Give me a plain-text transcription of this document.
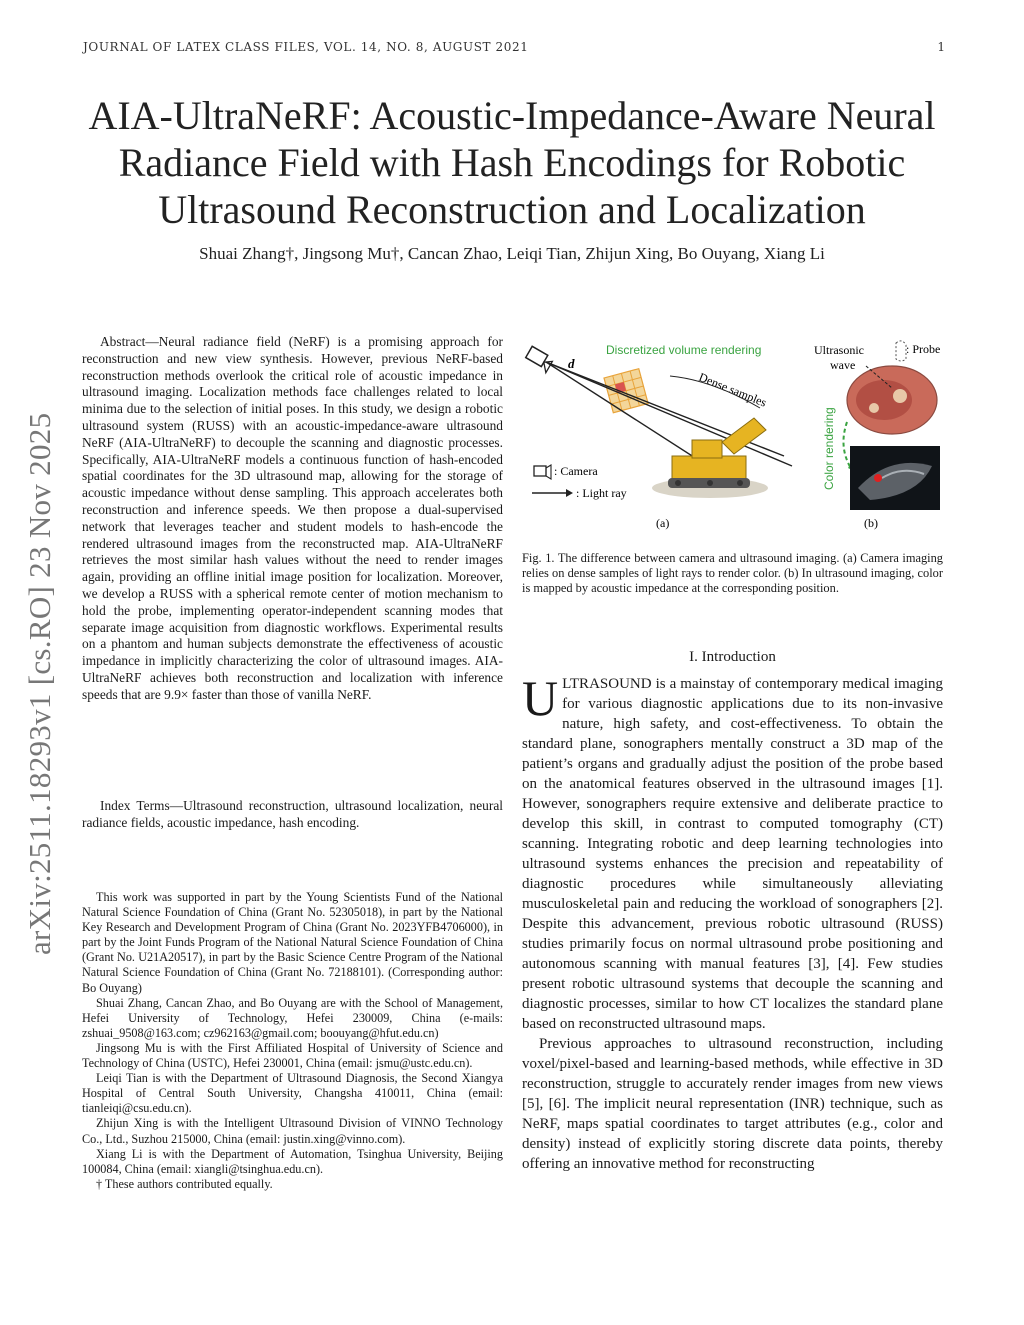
JOURNAL OF LATEX CLASS FILES, VOL. 14, NO. 8, AUGUST 2021	1
AIA-UltraNeRF: Acoustic-Impedance-Aware Neural Radiance Field with Hash Encodings for Robotic Ultrasound Reconstruction and Localization
Shuai Zhang†, Jingsong Mu†, Cancan Zhao, Leiqi Tian, Zhijun Xing, Bo Ouyang, Xiang Li
arXiv:2511.18293v1 [cs.RO] 23 Nov 2025
Abstract—Neural radiance field (NeRF) is a promising approach for reconstruction and new view synthesis. However, previous NeRF-based reconstruction methods overlook the critical role of acoustic impedance in ultrasound imaging. Localization methods face challenges related to local minima due to the selection of initial poses. In this study, we design a robotic ultrasound system (RUSS) with an acoustic-impedance-aware ultrasound NeRF (AIA-UltraNeRF) to decouple the scanning and diagnostic processes. Specifically, AIA-UltraNeRF models a continuous function of hash-encoded spatial coordinates for the 3D ultrasound map, allowing for the storage of acoustic impedance without dense sampling. This approach accelerates both reconstruction and inference speeds. We then propose a dual-supervised network that leverages teacher and student models to hash-encode the rendered ultrasound images from the reconstructed map. AIA-UltraNeRF retrieves the most similar hash values without the need to render images again, providing an offline initial image position for localization. Moreover, we develop a RUSS with a spherical remote center of motion mechanism to hold the probe, implementing operator-independent scanning modes that separate image acquisition from diagnostic workflows. Experimental results on a phantom and human subjects demonstrate the effectiveness of acoustic impedance in implicitly characterizing the color of ultrasound images. AIA-UltraNeRF achieves both reconstruction and localization with inference speeds that are 9.9× faster than those of vanilla NeRF.
Index Terms—Ultrasound reconstruction, ultrasound localization, neural radiance fields, acoustic impedance, hash encoding.

This work was supported in part by the Young Scientists Fund of the National Natural Science Foundation of China (Grant No. 52305018), in part by the National Key Research and Development Program of China (Grant No. 2023YFB4706000), in part by the Joint Funds Program of the National Natural Science Foundation of China (Grant No. U21A20517), in part by the Basic Science Centre Program of the National Natural Science Foundation of China (Grant No. 72188101). (Corresponding author: Bo Ouyang)

Shuai Zhang, Cancan Zhao, and Bo Ouyang are with the School of Management, Hefei University of Technology, Hefei 230009, China (e-mails: zshuai_9508@163.com; cz962163@gmail.com; boouyang@hfut.edu.cn)

Jingsong Mu is with the First Affiliated Hospital of University of Science and Technology of China (USTC), Hefei 230001, China (email: jsmu@ustc.edu.cn).

Leiqi Tian is with the Department of Ultrasound Diagnosis, the Second Xiangya Hospital of Central South University, Changsha 410011, China (email: tianleiqi@csu.edu.cn).

Zhijun Xing is with the Intelligent Ultrasound Division of VINNO Technology Co., Ltd., Suzhou 215000, China (email: justin.xing@vinno.com).

Xiang Li is with the Department of Automation, Tsinghua University, Beijing 100084, China (email: xiangli@tsinghua.edu.cn).

† These authors contributed equally.

d
Discretized volume rendering
Dense samples
: Camera
: Light ray
(a)
Ultrasonic
wave
: Probe
Color rendering
(b)
Fig. 1. The difference between camera and ultrasound imaging. (a) Camera imaging relies on dense samples of light rays to render color. (b) In ultrasound imaging, color is mapped by acoustic impedance at the corresponding position.
I. Introduction

ULTRASOUND is a mainstay of contemporary medical imaging for various diagnostic applications due to its non-invasive nature, high safety, and cost-effectiveness. To obtain the standard plane, sonographers mentally construct a 3D map of the patient’s organs and gradually adjust the position of the probe based on the anatomical features observed in the ultrasound images [1]. However, sonographers require extensive and deliberate practice to develop this skill, in contrast to computed tomography (CT) scanning. Integrating robotic and deep learning technologies into ultrasound systems enhances the precision and repeatability of diagnostic procedures while simultaneously alleviating musculoskeletal pain and reducing the workload of sonographers [2]. Despite this advancement, previous robotic ultrasound (RUSS) studies primarily focus on normal ultrasound probe positioning and autonomous scanning with manual features [3], [4]. Few studies present robotic ultrasound systems that decouple the scanning and diagnostic processes, similar to how CT localizes the standard plane based on reconstructed ultrasound maps.

Previous approaches to ultrasound reconstruction, including voxel/pixel-based and learning-based methods, while effective in 3D reconstruction, struggle to accurately render images from new views [5], [6]. The implicit neural representation (INR) technique, such as NeRF, maps spatial coordinates to target attributes (e.g., color and density) instead of explicitly storing discrete data points, thereby offering an innovative method for reconstructing
